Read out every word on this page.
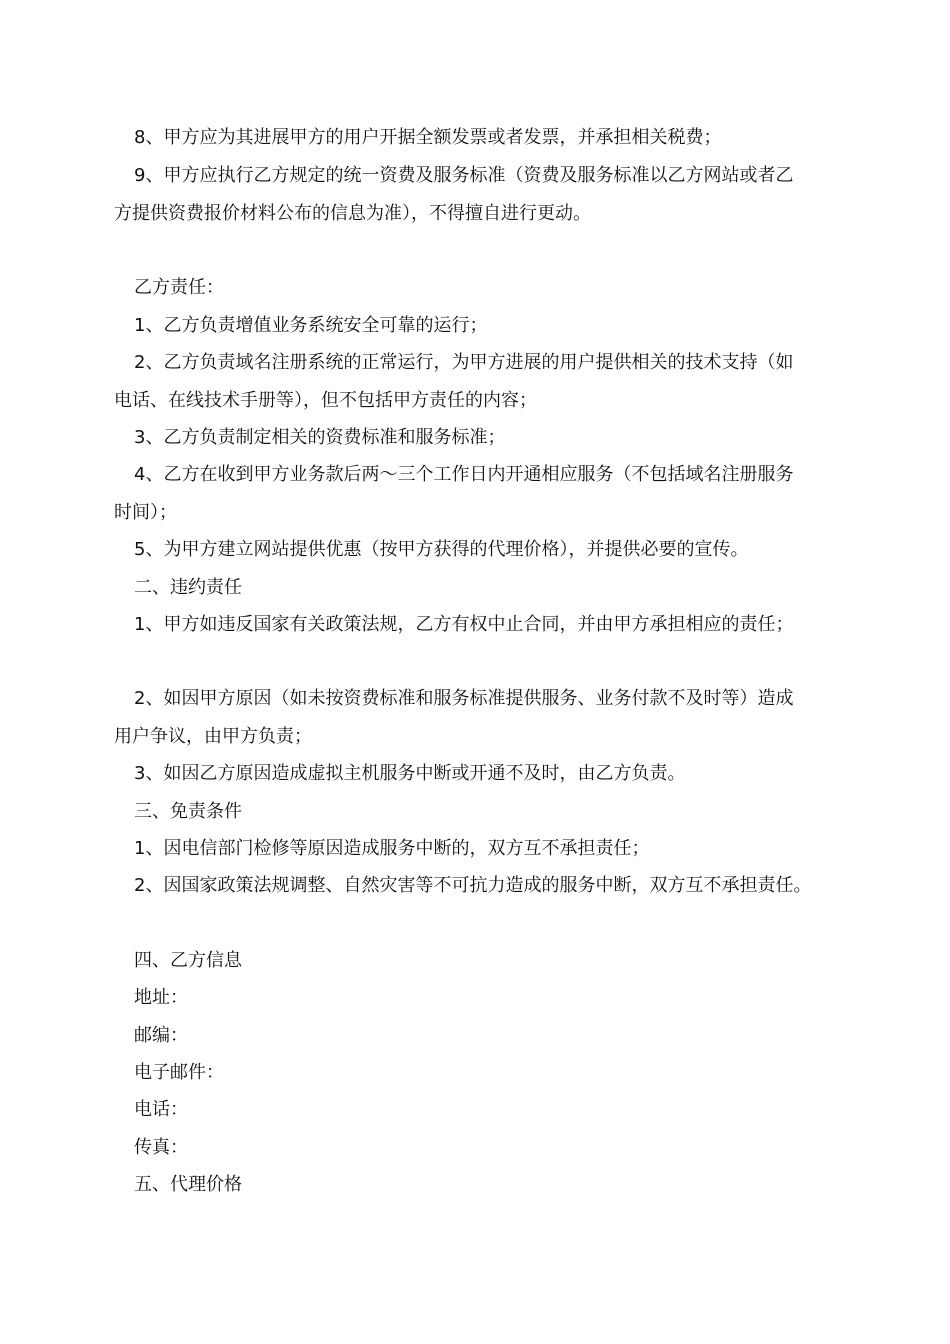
8、甲方应为其进展甲方的用户开据全额发票或者发票，并承担相关税费；
9、甲方应执行乙方规定的统一资费及服务标准（资费及服务标准以乙方网站或者乙
方提供资费报价材料公布的信息为准），不得擅自进行更动。
乙方责任：
1、乙方负责增值业务系统安全可靠的运行；
2、乙方负责域名注册系统的正常运行，为甲方进展的用户提供相关的技术支持（如
电话、在线技术手册等），但不包括甲方责任的内容；
3、乙方负责制定相关的资费标准和服务标准；
4、乙方在收到甲方业务款后两～三个工作日内开通相应服务（不包括域名注册服务
时间）；
5、为甲方建立网站提供优惠（按甲方获得的代理价格），并提供必要的宣传。
二、违约责任
1、甲方如违反国家有关政策法规，乙方有权中止合同，并由甲方承担相应的责任；
2、如因甲方原因（如未按资费标准和服务标准提供服务、业务付款不及时等）造成
用户争议，由甲方负责；
3、如因乙方原因造成虚拟主机服务中断或开通不及时，由乙方负责。
三、免责条件
1、因电信部门检修等原因造成服务中断的，双方互不承担责任；
2、因国家政策法规调整、自然灾害等不可抗力造成的服务中断，双方互不承担责任。
四、乙方信息
地址：
邮编：
电子邮件：
电话：
传真：
五、代理价格
